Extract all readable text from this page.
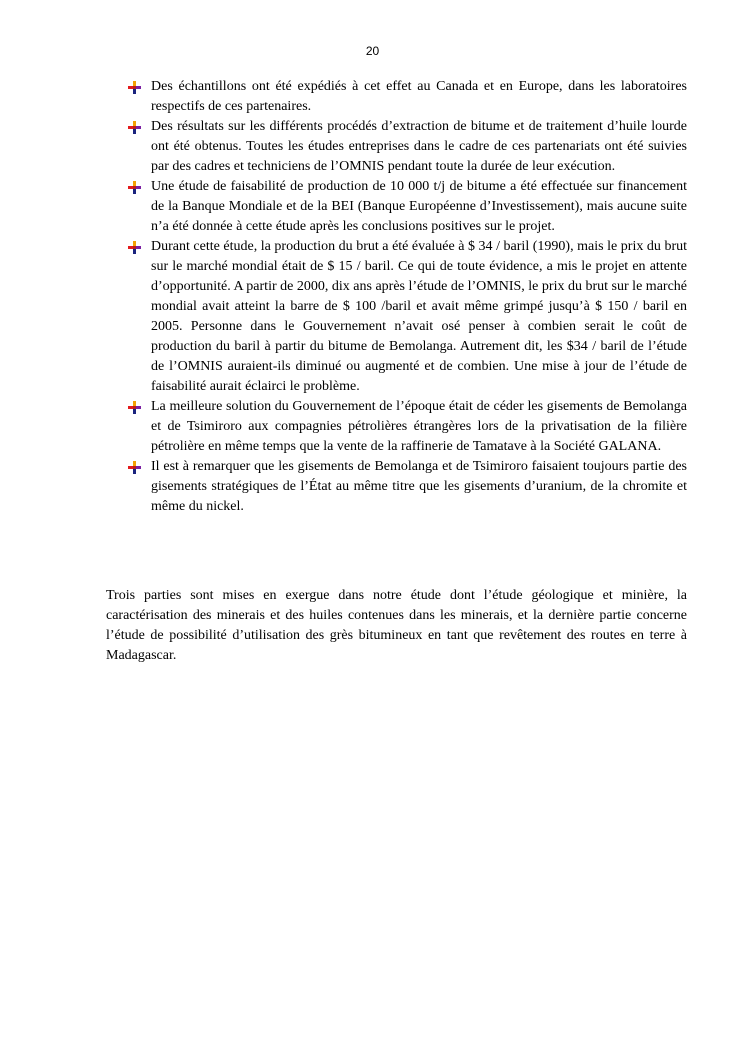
20
Des échantillons ont été expédiés à cet effet au Canada et en Europe, dans les laboratoires respectifs de ces partenaires.
Des résultats sur les différents procédés d’extraction de bitume et de traitement d’huile lourde ont été obtenus. Toutes les études entreprises dans le cadre de ces partenariats ont été suivies par des cadres et techniciens de l’OMNIS pendant toute la durée de leur exécution.
Une étude de faisabilité de production de 10 000 t/j de bitume a été effectuée sur financement de la Banque Mondiale et de la BEI (Banque Européenne d’Investissement), mais aucune suite n’a été donnée à cette étude après les conclusions positives sur le projet.
Durant cette étude, la production du brut a été évaluée à $ 34 / baril (1990), mais le prix du brut sur le marché mondial était de $ 15 / baril. Ce qui de toute évidence, a mis le projet en attente d’opportunité. A partir de 2000, dix ans après l’étude de l’OMNIS, le prix du brut sur le marché mondial avait atteint la barre de $ 100 /baril et avait même grimpé jusqu’à $ 150 / baril en 2005. Personne dans le Gouvernement n’avait osé penser à combien serait le coût de production du baril à partir du bitume de Bemolanga. Autrement dit, les $34 / baril de l’étude de l’OMNIS auraient-ils diminué ou augmenté et de combien. Une mise à jour de l’étude de faisabilité aurait éclairci le problème.
La meilleure solution du Gouvernement de l’époque était de céder les gisements de Bemolanga et de Tsimiroro aux compagnies pétrolières étrangères lors de la privatisation de la filière pétrolière en même temps que la vente de la raffinerie de Tamatave à la Société GALANA.
Il est à remarquer que les gisements de Bemolanga et de Tsimiroro faisaient toujours partie des gisements stratégiques de l’État au même titre que les gisements d’uranium, de la chromite et même du nickel.

Trois parties sont mises en exergue dans notre étude dont l’étude géologique et minière, la caractérisation des minerais et des huiles contenues dans les minerais, et la dernière partie concerne l’étude de possibilité d’utilisation des grès bitumineux en tant que revêtement des routes en terre à Madagascar.
